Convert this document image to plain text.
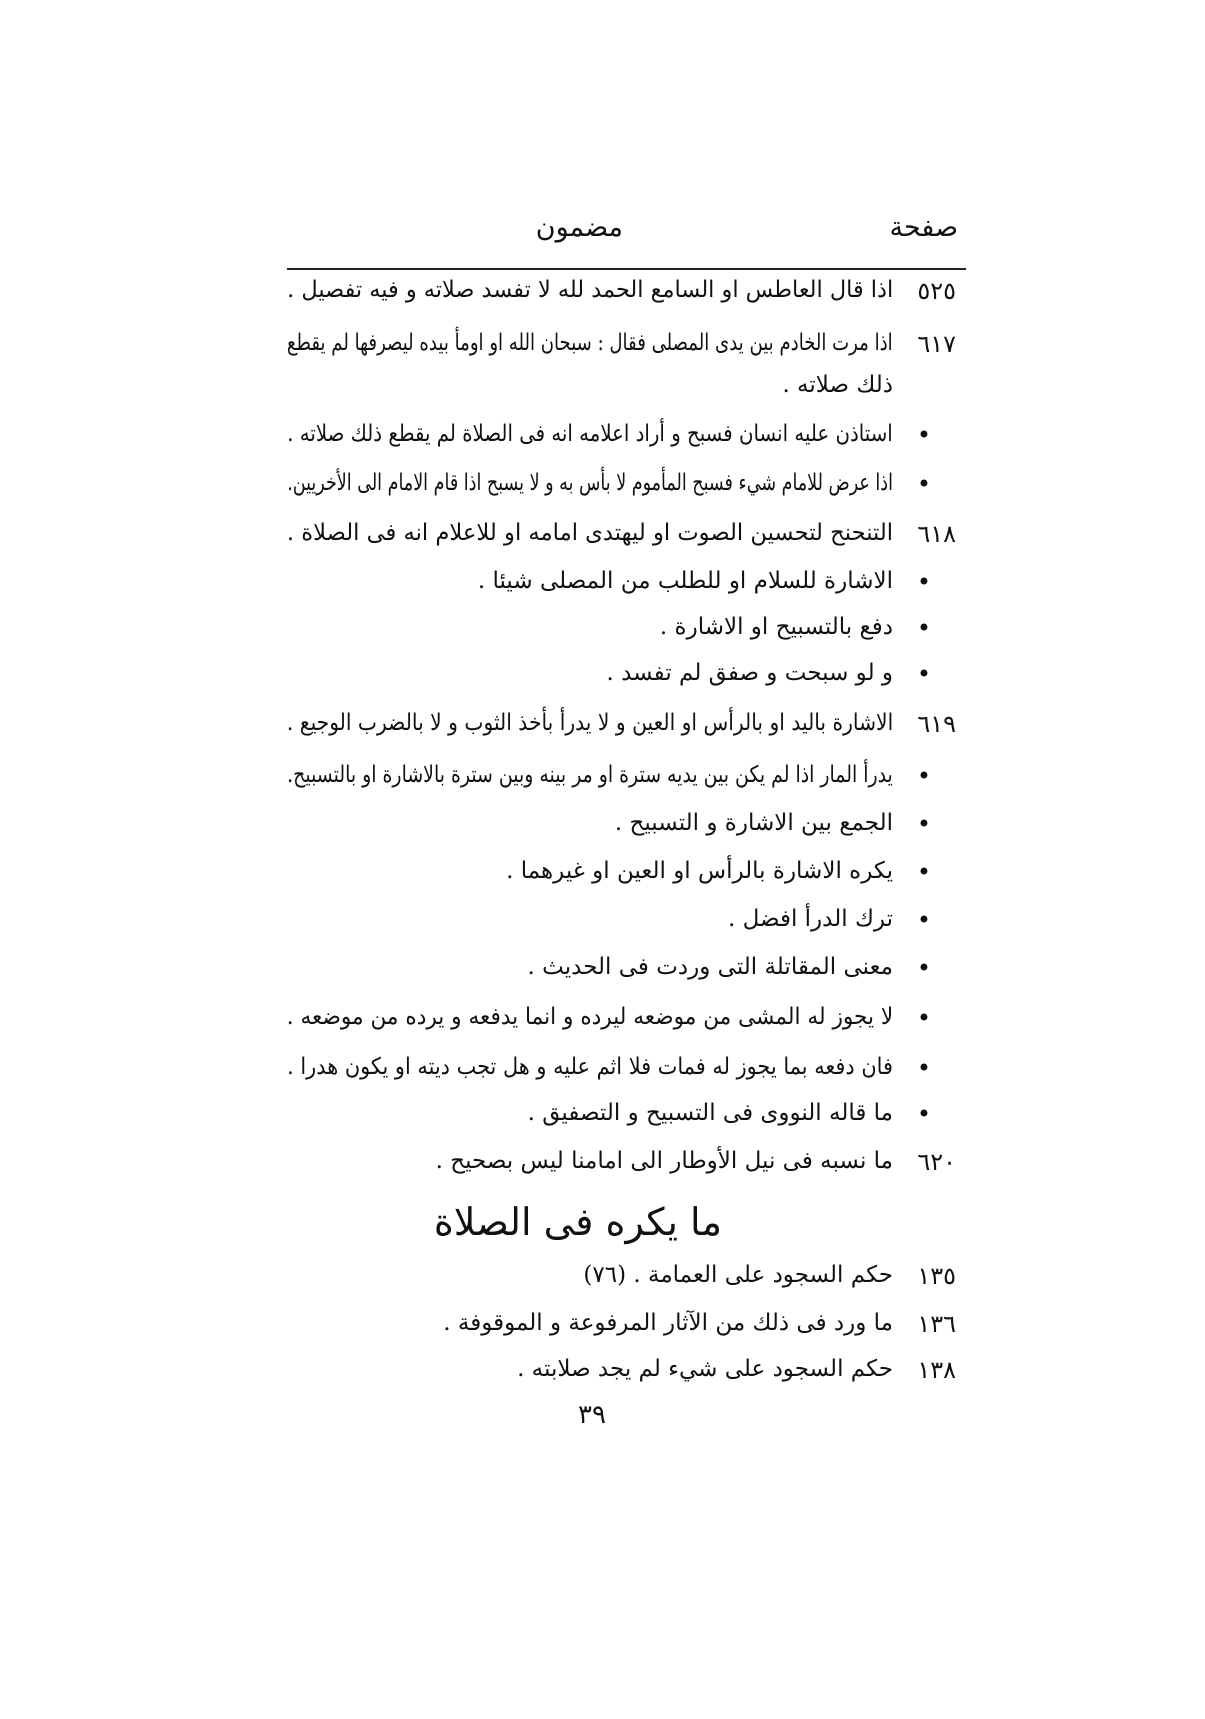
صفحة
مضمون
٥٢٥
اذا قال العاطس او السامع الحمد لله لا تفسد صلاته و فيه تفصيل .
٦١٧
اذا مرت الخادم بين يدى المصلى فقال : سبحان الله او اومأ بيده ليصرفها لم يقطع
ذلك صلاته .
•
استاذن عليه انسان فسبح و أراد اعلامه انه فى الصلاة لم يقطع ذلك صلاته .
•
اذا عرض للامام شيء فسبح المأموم لا بأس به و لا يسبح اذا قام الامام الى الأخريين.
٦١٨
التنحنح لتحسين الصوت او ليهتدى امامه او للاعلام انه فى الصلاة .
•
الاشارة للسلام او للطلب من المصلى شيئا .
•
دفع بالتسبيح او الاشارة .
•
و لو سبحت و صفق لم تفسد .
٦١٩
الاشارة باليد او بالرأس او العين و لا يدرأ بأخذ الثوب و لا بالضرب الوجيع .
•
يدرأ المار اذا لم يكن بين يديه سترة او مر بينه وبين سترة بالاشارة او بالتسبيح.
•
الجمع بين الاشارة و التسبيح .
•
يكره الاشارة بالرأس او العين او غيرهما .
•
ترك الدرأ افضل .
•
معنى المقاتلة التى وردت فى الحديث .
•
لا يجوز له المشى من موضعه ليرده و انما يدفعه و يرده من موضعه .
•
فان دفعه بما يجوز له فمات فلا اثم عليه و هل تجب ديته او يكون هدرا .
•
ما قاله النووى فى التسبيح و التصفيق .
٦٢٠
ما نسبه فى نيل الأوطار الى امامنا ليس بصحيح .
ما يكره فى الصلاة
١٣٥
حكم السجود على العمامة . (٧٦)
١٣٦
ما ورد فى ذلك من الآثار المرفوعة و الموقوفة .
١٣٨
حكم السجود على شيء لم يجد صلابته .
٣٩
